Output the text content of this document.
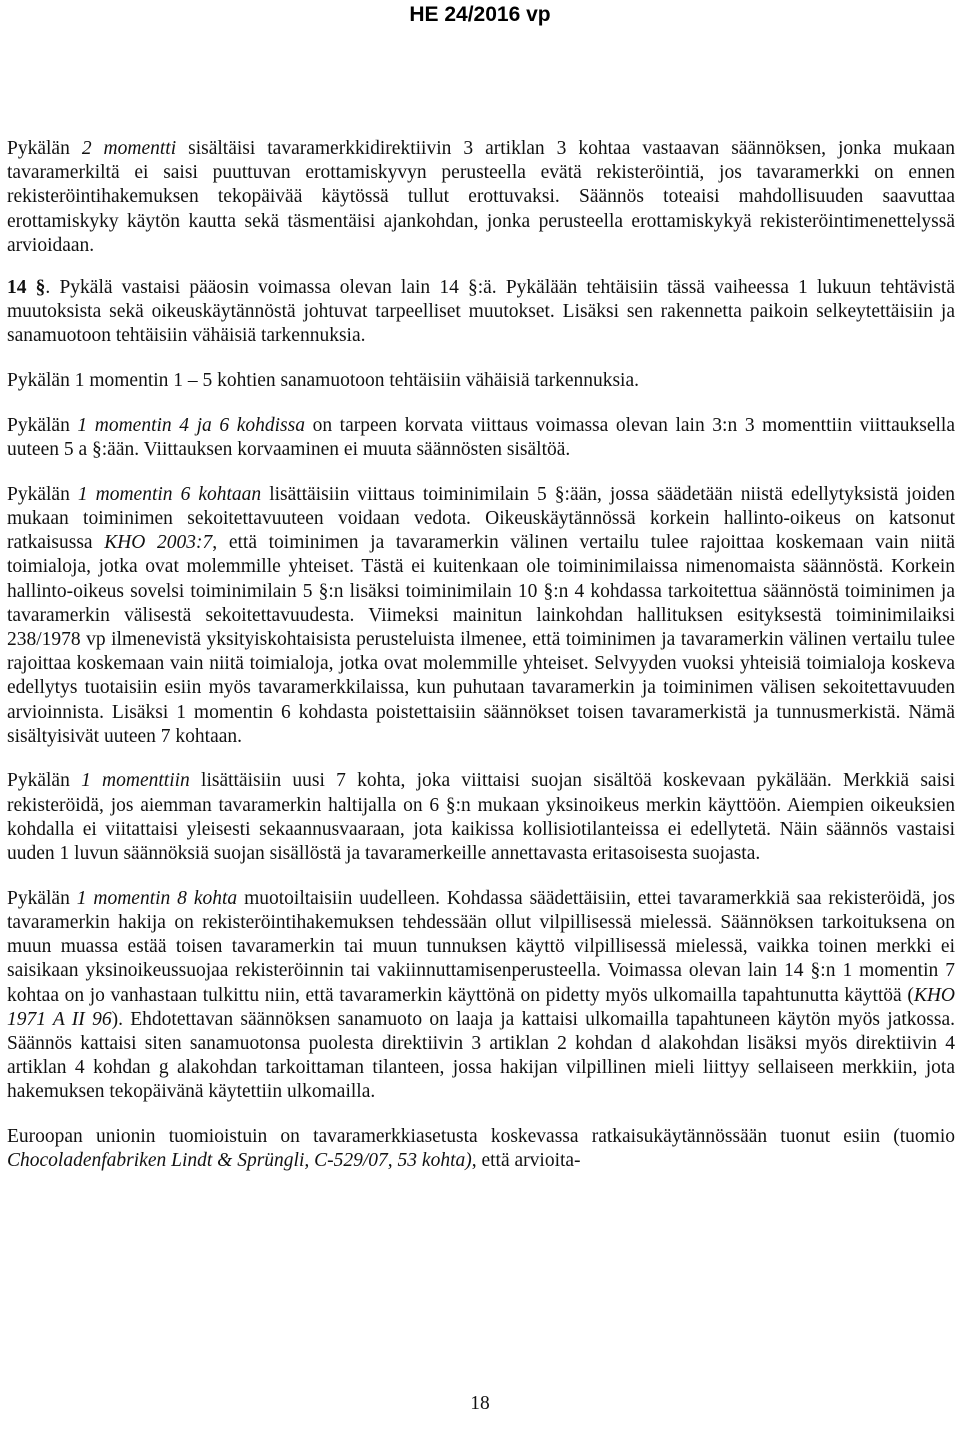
HE 24/2016 vp

Pykälän 2 momentti sisältäisi tavaramerkkidirektiivin 3 artiklan 3 kohtaa vastaavan säännöksen, jonka mukaan tavaramerkiltä ei saisi puuttuvan erottamiskyvyn perusteella evätä rekisteröintiä, jos tavaramerkki on ennen rekisteröintihakemuksen tekopäivää käytössä tullut erottuvaksi. Säännös toteaisi mahdollisuuden saavuttaa erottamiskyky käytön kautta sekä täsmentäisi ajankohdan, jonka perusteella erottamiskykyä rekisteröintimenettelyssä arvioidaan.

14 §. Pykälä vastaisi pääosin voimassa olevan lain 14 §:ä. Pykälään tehtäisiin tässä vaiheessa 1 lukuun tehtävistä muutoksista sekä oikeuskäytännöstä johtuvat tarpeelliset muutokset. Lisäksi sen rakennetta paikoin selkeytettäisiin ja sanamuotoon tehtäisiin vähäisiä tarkennuksia.

Pykälän 1 momentin 1 – 5 kohtien sanamuotoon tehtäisiin vähäisiä tarkennuksia.

Pykälän 1 momentin 4 ja 6 kohdissa on tarpeen korvata viittaus voimassa olevan lain 3:n 3 momenttiin viittauksella uuteen 5 a §:ään. Viittauksen korvaaminen ei muuta säännösten sisältöä.

Pykälän 1 momentin 6 kohtaan lisättäisiin viittaus toiminimilain 5 §:ään, jossa säädetään niistä edellytyksistä joiden mukaan toiminimen sekoitettavuuteen voidaan vedota. Oikeuskäytännössä korkein hallinto-oikeus on katsonut ratkaisussa KHO 2003:7, että toiminimen ja tavaramerkin välinen vertailu tulee rajoittaa koskemaan vain niitä toimialoja, jotka ovat molemmille yhteiset. Tästä ei kuitenkaan ole toiminimilaissa nimenomaista säännöstä. Korkein hallinto-oikeus sovelsi toiminimilain 5 §:n lisäksi toiminimilain 10 §:n 4 kohdassa tarkoitettua säännöstä toiminimen ja tavaramerkin välisestä sekoitettavuudesta. Viimeksi mainitun lainkohdan hallituksen esityksestä toiminimilaiksi 238/1978 vp ilmenevistä yksityiskohtaisista perusteluista ilmenee, että toiminimen ja tavaramerkin välinen vertailu tulee rajoittaa koskemaan vain niitä toimialoja, jotka ovat molemmille yhteiset. Selvyyden vuoksi yhteisiä toimialoja koskeva edellytys tuotaisiin esiin myös tavaramerkkilaissa, kun puhutaan tavaramerkin ja toiminimen välisen sekoitettavuuden arvioinnista. Lisäksi 1 momentin 6 kohdasta poistettaisiin säännökset toisen tavaramerkistä ja tunnusmerkistä. Nämä sisältyisivät uuteen 7 kohtaan.

Pykälän 1 momenttiin lisättäisiin uusi 7 kohta, joka viittaisi suojan sisältöä koskevaan pykälään. Merkkiä saisi rekisteröidä, jos aiemman tavaramerkin haltijalla on 6 §:n mukaan yksinoikeus merkin käyttöön. Aiempien oikeuksien kohdalla ei viitattaisi yleisesti sekaannusvaaraan, jota kaikissa kollisiotilanteissa ei edellytetä. Näin säännös vastaisi uuden 1 luvun säännöksiä suojan sisällöstä ja tavaramerkeille annettavasta eritasoisesta suojasta.

Pykälän 1 momentin 8 kohta muotoiltaisiin uudelleen. Kohdassa säädettäisiin, ettei tavaramerkkiä saa rekisteröidä, jos tavaramerkin hakija on rekisteröintihakemuksen tehdessään ollut vilpillisessä mielessä. Säännöksen tarkoituksena on muun muassa estää toisen tavaramerkin tai muun tunnuksen käyttö vilpillisessä mielessä, vaikka toinen merkki ei saisikaan yksinoikeussuojaa rekisteröinnin tai vakiinnuttamisenperusteella. Voimassa olevan lain 14 §:n 1 momentin 7 kohtaa on jo vanhastaan tulkittu niin, että tavaramerkin käyttönä on pidetty myös ulkomailla tapahtunutta käyttöä (KHO 1971 A II 96). Ehdotettavan säännöksen sanamuoto on laaja ja kattaisi ulkomailla tapahtuneen käytön myös jatkossa. Säännös kattaisi siten sanamuotonsa puolesta direktiivin 3 artiklan 2 kohdan d alakohdan lisäksi myös direktiivin 4 artiklan 4 kohdan g alakohdan tarkoittaman tilanteen, jossa hakijan vilpillinen mieli liittyy sellaiseen merkkiin, jota hakemuksen tekopäivänä käytettiin ulkomailla.

Euroopan unionin tuomioistuin on tavaramerkkiasetusta koskevassa ratkaisukäytännössään tuonut esiin (tuomio Chocoladenfabriken Lindt & Sprüngli, C-529/07, 53 kohta), että arvioita-

18
